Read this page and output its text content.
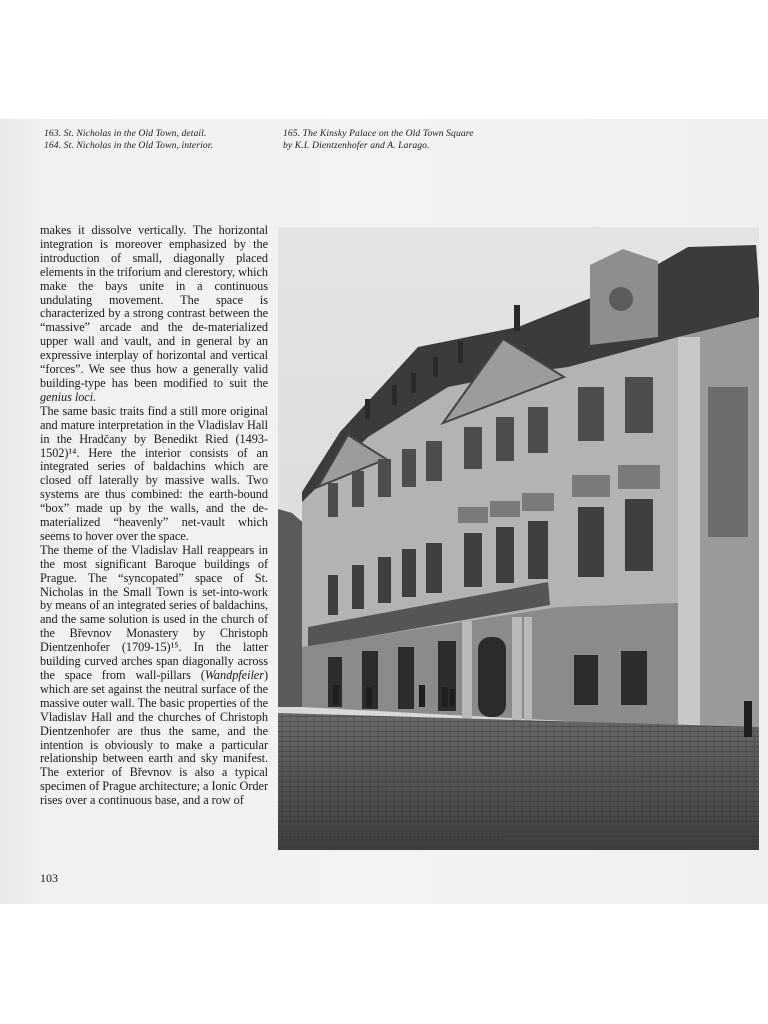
163. St. Nicholas in the Old Town, detail.
164. St. Nicholas in the Old Town, interior.
165. The Kinsky Palace on the Old Town Square
by K.I. Dientzenhofer and A. Larago.

makes it dissolve vertically. The horizontal integration is moreover emphasized by the introduction of small, diagonally placed elements in the triforium and clerestory, which make the bays unite in a continuous undulating movement. The space is characterized by a strong contrast between the “massive” arcade and the de-materialized upper wall and vault, and in general by an expressive interplay of horizontal and vertical “forces”. We see thus how a generally valid building-type has been modified to suit the genius loci.

The same basic traits find a still more original and mature interpretation in the Vladislav Hall in the Hradčany by Benedikt Ried (1493-1502)¹⁴. Here the interior consists of an integrated series of baldachins which are closed off laterally by massive walls. Two systems are thus combined: the earth-bound “box” made up by the walls, and the de-materialized “heavenly” net-vault which seems to hover over the space.

The theme of the Vladislav Hall reappears in the most significant Baroque buildings of Prague. The “syncopated” space of St. Nicholas in the Small Town is set-into-work by means of an integrated series of baldachins, and the same solution is used in the church of the Břevnov Monastery by Christoph Dientzenhofer (1709-15)¹⁵. In the latter building curved arches span diagonally across the space from wall-pillars (Wandpfeiler) which are set against the neutral surface of the massive outer wall. The basic properties of the Vladislav Hall and the churches of Christoph Dientzenhofer are thus the same, and the intention is obviously to make a particular relationship between earth and sky manifest. The exterior of Břevnov is also a typical specimen of Prague architecture; a Ionic Order rises over a continuous base, and a row of

103
